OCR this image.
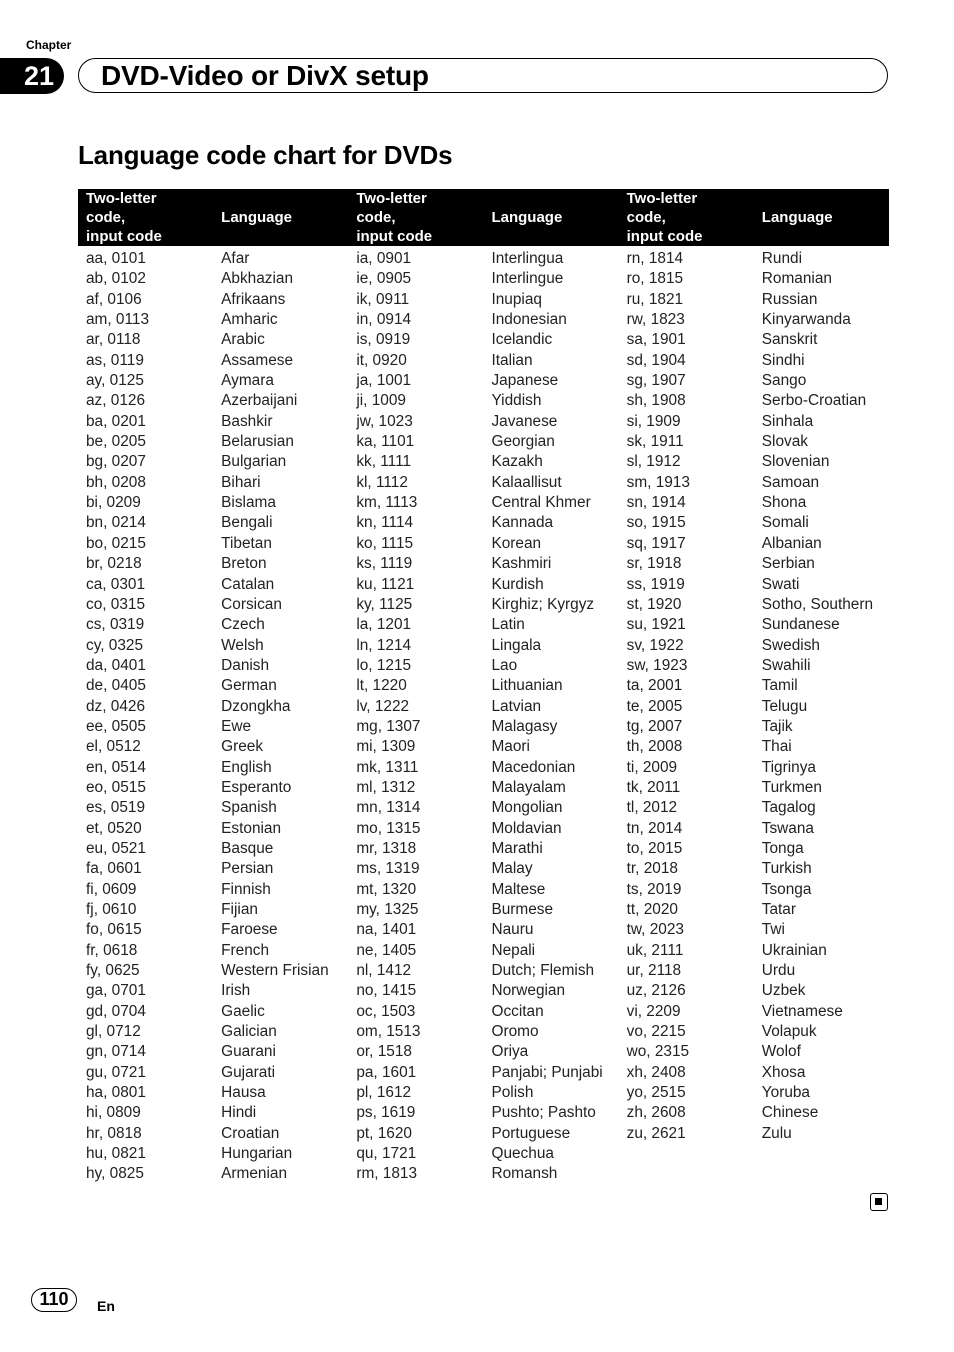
Chapter
21	DVD-Video or DivX setup
Language code chart for DVDs
Two-letter
code,
input code	Language	Two-letter
code,
input code	Language	Two-letter
code,
input code	Language

aa, 0101	Afar	ia, 0901	Interlingua	rn, 1814	Rundi
ab, 0102	Abkhazian	ie, 0905	Interlingue	ro, 1815	Romanian
af, 0106	Afrikaans	ik, 0911	Inupiaq	ru, 1821	Russian
am, 0113	Amharic	in, 0914	Indonesian	rw, 1823	Kinyarwanda
ar, 0118	Arabic	is, 0919	Icelandic	sa, 1901	Sanskrit
as, 0119	Assamese	it, 0920	Italian	sd, 1904	Sindhi
ay, 0125	Aymara	ja, 1001	Japanese	sg, 1907	Sango
az, 0126	Azerbaijani	ji, 1009	Yiddish	sh, 1908	Serbo-Croatian
ba, 0201	Bashkir	jw, 1023	Javanese	si, 1909	Sinhala
be, 0205	Belarusian	ka, 1101	Georgian	sk, 1911	Slovak
bg, 0207	Bulgarian	kk, 1111	Kazakh	sl, 1912	Slovenian
bh, 0208	Bihari	kl, 1112	Kalaallisut	sm, 1913	Samoan
bi, 0209	Bislama	km, 1113	Central Khmer	sn, 1914	Shona
bn, 0214	Bengali	kn, 1114	Kannada	so, 1915	Somali
bo, 0215	Tibetan	ko, 1115	Korean	sq, 1917	Albanian
br, 0218	Breton	ks, 1119	Kashmiri	sr, 1918	Serbian
ca, 0301	Catalan	ku, 1121	Kurdish	ss, 1919	Swati
co, 0315	Corsican	ky, 1125	Kirghiz; Kyrgyz	st, 1920	Sotho, Southern
cs, 0319	Czech	la, 1201	Latin	su, 1921	Sundanese
cy, 0325	Welsh	ln, 1214	Lingala	sv, 1922	Swedish
da, 0401	Danish	lo, 1215	Lao	sw, 1923	Swahili
de, 0405	German	lt, 1220	Lithuanian	ta, 2001	Tamil
dz, 0426	Dzongkha	lv, 1222	Latvian	te, 2005	Telugu
ee, 0505	Ewe	mg, 1307	Malagasy	tg, 2007	Tajik
el, 0512	Greek	mi, 1309	Maori	th, 2008	Thai
en, 0514	English	mk, 1311	Macedonian	ti, 2009	Tigrinya
eo, 0515	Esperanto	ml, 1312	Malayalam	tk, 2011	Turkmen
es, 0519	Spanish	mn, 1314	Mongolian	tl, 2012	Tagalog
et, 0520	Estonian	mo, 1315	Moldavian	tn, 2014	Tswana
eu, 0521	Basque	mr, 1318	Marathi	to, 2015	Tonga
fa, 0601	Persian	ms, 1319	Malay	tr, 2018	Turkish
fi, 0609	Finnish	mt, 1320	Maltese	ts, 2019	Tsonga
fj, 0610	Fijian	my, 1325	Burmese	tt, 2020	Tatar
fo, 0615	Faroese	na, 1401	Nauru	tw, 2023	Twi
fr, 0618	French	ne, 1405	Nepali	uk, 2111	Ukrainian
fy, 0625	Western Frisian	nl, 1412	Dutch; Flemish	ur, 2118	Urdu
ga, 0701	Irish	no, 1415	Norwegian	uz, 2126	Uzbek
gd, 0704	Gaelic	oc, 1503	Occitan	vi, 2209	Vietnamese
gl, 0712	Galician	om, 1513	Oromo	vo, 2215	Volapuk
gn, 0714	Guarani	or, 1518	Oriya	wo, 2315	Wolof
gu, 0721	Gujarati	pa, 1601	Panjabi; Punjabi	xh, 2408	Xhosa
ha, 0801	Hausa	pl, 1612	Polish	yo, 2515	Yoruba
hi, 0809	Hindi	ps, 1619	Pushto; Pashto	zh, 2608	Chinese
hr, 0818	Croatian	pt, 1620	Portuguese	zu, 2621	Zulu
hu, 0821	Hungarian	qu, 1721	Quechua		
hy, 0825	Armenian	rm, 1813	Romansh		
110	En
